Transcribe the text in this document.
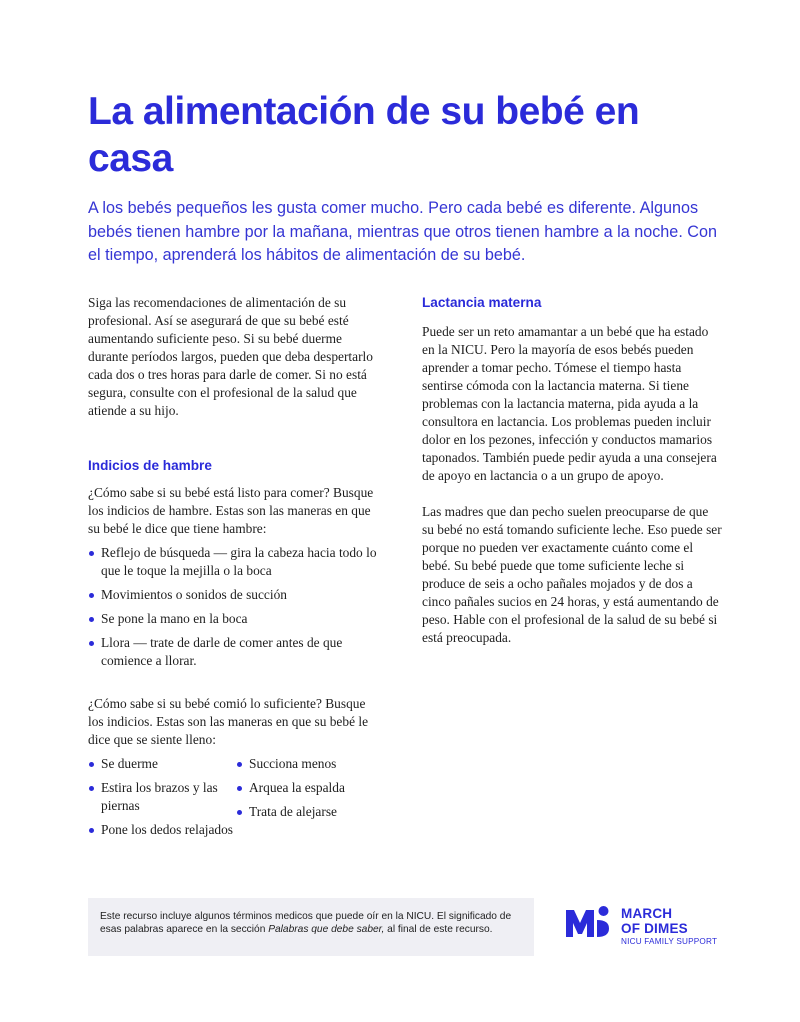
La alimentación de su bebé en casa

A los bebés pequeños les gusta comer mucho. Pero cada bebé es diferente. Algunos bebés tienen hambre por la mañana, mientras que otros tienen hambre a la noche. Con el tiempo, aprenderá los hábitos de alimentación de su bebé.

Siga las recomendaciones de alimentación de su profesional. Así se asegurará de que su bebé esté aumentando suficiente peso. Si su bebé duerme durante períodos largos, pueden que deba despertarlo cada dos o tres horas para darle de comer. Si no está segura, consulte con el profesional de la salud que atiende a su hijo.

Indicios de hambre

¿Cómo sabe si su bebé está listo para comer? Busque los indicios de hambre. Estas son las maneras en que su bebé le dice que tiene hambre:

Reflejo de búsqueda — gira la cabeza hacia todo lo que le toque la mejilla o la boca
Movimientos o sonidos de succión
Se pone la mano en la boca
Llora — trate de darle de comer antes de que comience a llorar.

¿Cómo sabe si su bebé comió lo suficiente? Busque los indicios. Estas son las maneras en que su bebé le dice que se siente lleno:

Se duerme
Estira los brazos y las piernas
Pone los dedos relajados
Succiona menos
Arquea la espalda
Trata de alejarse
Lactancia materna

Puede ser un reto amamantar a un bebé que ha estado en la NICU. Pero la mayoría de esos bebés pueden aprender a tomar pecho. Tómese el tiempo hasta sentirse cómoda con la lactancia materna. Si tiene problemas con la lactancia materna, pida ayuda a la consultora en lactancia. Los problemas pueden incluir dolor en los pezones, infección y conductos mamarios taponados. También puede pedir ayuda a una consejera de apoyo en lactancia o a un grupo de apoyo.

Las madres que dan pecho suelen preocuparse de que su bebé no está tomando suficiente leche. Eso puede ser porque no pueden ver exactamente cuánto come el bebé. Su bebé puede que tome suficiente leche si produce de seis a ocho pañales mojados y de dos a cinco pañales sucios en 24 horas, y está aumentando de peso. Hable con el profesional de la salud de su bebé si está preocupada.

Este recurso incluye algunos términos medicos que puede oír en la NICU. El significado de esas palabras aparece en la sección Palabras que debe saber, al final de este recurso.

MARCH
OF DIMES
NICU FAMILY SUPPORT
